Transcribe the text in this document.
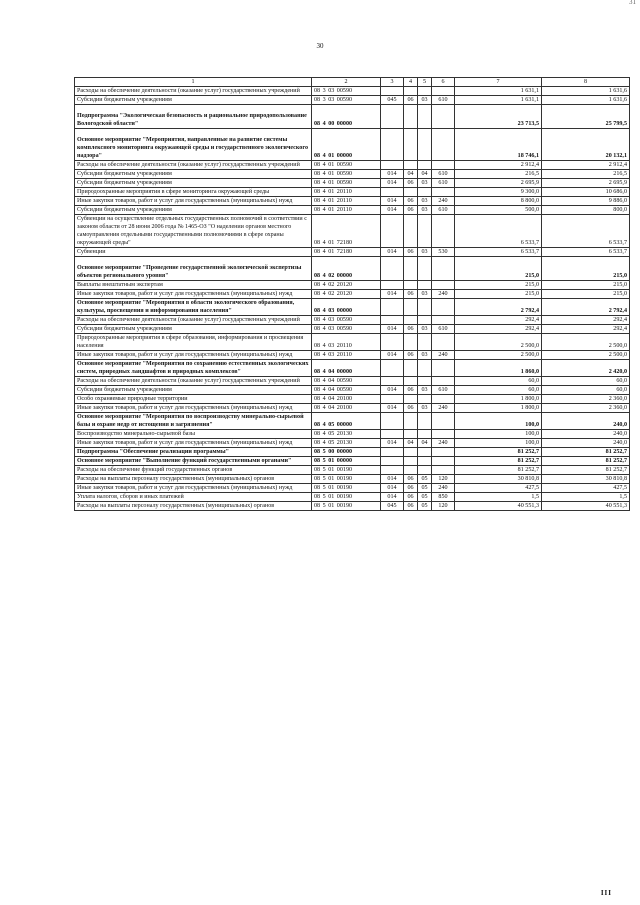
31
30
1	2	3	4	5	6	7	8
Расходы на обеспечение деятельности (оказание услуг) государственных учреждений	08 3 03 00590					1 631,1	1 631,6
Субсидии бюджетным учреждениям	08 3 03 00590	045	06	03	610	1 631,1	1 631,6
Подпрограмма "Экологическая безопасность и рациональное природопользование Вологодской области"	08 4 00 00000					23 713,5	25 799,5
Основное мероприятие "Мероприятия, направленные на развитие системы комплексного мониторинга окружающей среды и государственного экологического надзора"	08 4 01 00000					18 746,1	20 132,1
Расходы на обеспечение деятельности (оказание услуг) государственных учреждений	08 4 01 00590					2 912,4	2 912,4
Субсидии бюджетным учреждениям	08 4 01 00590	014	04	04	610	216,5	216,5
Субсидии бюджетным учреждениям	08 4 01 00590	014	06	03	610	2 695,9	2 695,9
Природоохранные мероприятия в сфере мониторинга окружающей среды	08 4 01 20110					9 300,0	10 686,0
Иные закупки товаров, работ и услуг для государственных (муниципальных) нужд	08 4 01 20110	014	06	03	240	8 800,0	9 886,0
Субсидии бюджетным учреждениям	08 4 01 20110	014	06	03	610	500,0	800,0
Субвенции на осуществление отдельных государственных полномочий в соответствии с законом области от 28 июня 2006 года № 1465-ОЗ "О наделении органов местного самоуправления отдельными государственными полномочиями в сфере охраны окружающей среды"	08 4 01 72180					6 533,7	6 533,7
Субвенции	08 4 01 72180	014	06	03	530	6 533,7	6 533,7
Основное мероприятие "Проведение государственной экологической экспертизы объектов регионального уровня"	08 4 02 00000					215,0	215,0
Выплаты внештатным экспертам	08 4 02 20120					215,0	215,0
Иные закупки товаров, работ и услуг для государственных (муниципальных) нужд	08 4 02 20120	014	06	03	240	215,0	215,0
Основное мероприятие "Мероприятия в области экологического образования, культуры, просвещения и информирования населения"	08 4 03 00000					2 792,4	2 792,4
Расходы на обеспечение деятельности (оказание услуг) государственных учреждений	08 4 03 00590					292,4	292,4
Субсидии бюджетным учреждениям	08 4 03 00590	014	06	03	610	292,4	292,4
Природоохранные мероприятия в сфере образования, информирования и просвещения населения	08 4 03 20110					2 500,0	2 500,0
Иные закупки товаров, работ и услуг для государственных (муниципальных) нужд	08 4 03 20110	014	06	03	240	2 500,0	2 500,0
Основное мероприятие "Мероприятия по сохранению естественных экологических систем, природных ландшафтов и природных комплексов"	08 4 04 00000					1 860,0	2 420,0
Расходы на обеспечение деятельности (оказание услуг) государственных учреждений	08 4 04 00590					60,0	60,0
Субсидии бюджетным учреждениям	08 4 04 00590	014	06	03	610	60,0	60,0
Особо охраняемые природные территории	08 4 04 20100					1 800,0	2 360,0
Иные закупки товаров, работ и услуг для государственных (муниципальных) нужд	08 4 04 20100	014	06	03	240	1 800,0	2 360,0
Основное мероприятие "Мероприятия по воспроизводству минерально-сырьевой базы и охране недр от истощения и загрязнения"	08 4 05 00000					100,0	240,0
Воспроизводство минерально-сырьевой базы	08 4 05 20130					100,0	240,0
Иные закупки товаров, работ и услуг для государственных (муниципальных) нужд	08 4 05 20130	014	04	04	240	100,0	240,0
Подпрограмма "Обеспечение реализации программы"	08 5 00 00000					81 252,7	81 252,7
Основное мероприятие "Выполнение функций государственными органами"	08 5 01 00000					81 252,7	81 252,7
Расходы на обеспечение функций государственных органов	08 5 01 00190					81 252,7	81 252,7
Расходы на выплаты персоналу государственных (муниципальных) органов	08 5 01 00190	014	06	05	120	30 810,8	30 810,8
Иные закупки товаров, работ и услуг для государственных (муниципальных) нужд	08 5 01 00190	014	06	05	240	427,5	427,5
Уплата налогов, сборов и иных платежей	08 5 01 00190	014	06	05	850	1,5	1,5
Расходы на выплаты персоналу государственных (муниципальных) органов	08 5 01 00190	045	06	05	120	40 551,3	40 551,3
III
